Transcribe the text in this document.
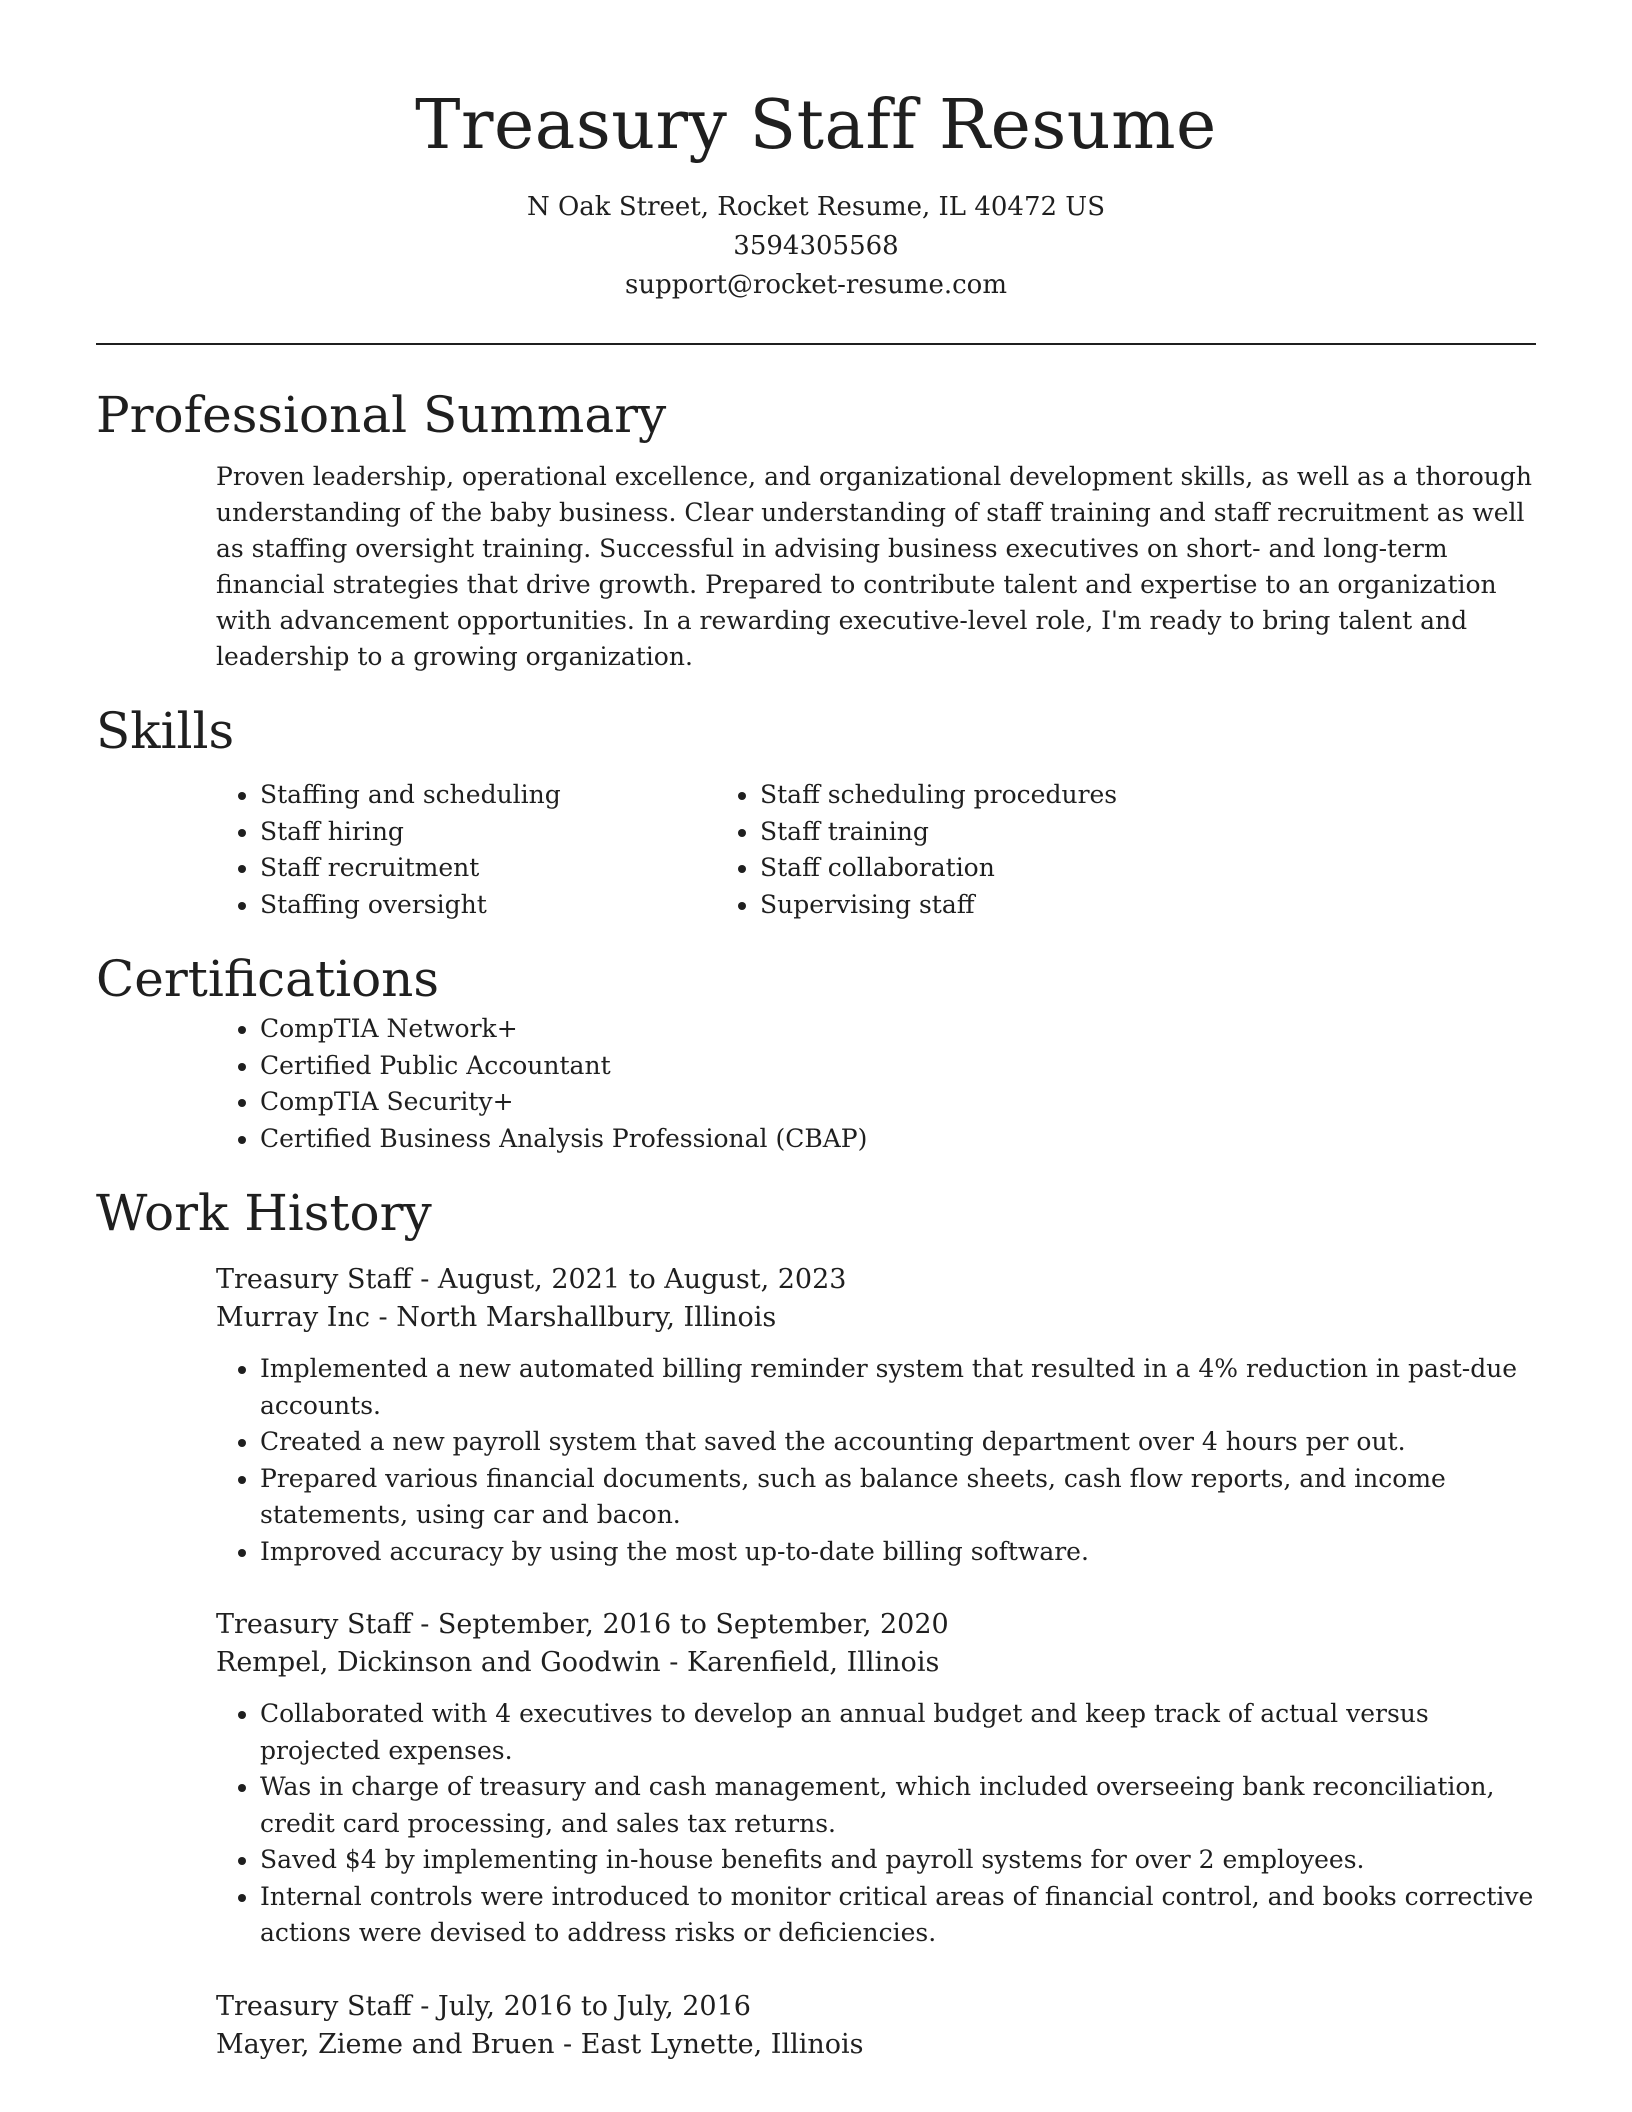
Treasury Staff Resume
N Oak Street, Rocket Resume, IL 40472 US
3594305568
support@rocket-resume.com
Professional Summary

Proven leadership, operational excellence, and organizational development skills, as well as a thorough understanding of the baby business. Clear understanding of staff training and staff recruitment as well as staffing oversight training. Successful in advising business executives on short- and long-term financial strategies that drive growth. Prepared to contribute talent and expertise to an organization with advancement opportunities. In a rewarding executive-level role, I'm ready to bring talent and leadership to a growing organization.

Skills
• Staffing and scheduling
• Staff hiring
• Staff recruitment
• Staffing oversight
• Staff scheduling procedures
• Staff training
• Staff collaboration
• Supervising staff
Certifications
• CompTIA Network+
• Certified Public Accountant
• CompTIA Security+
• Certified Business Analysis Professional (CBAP)
Work History
Treasury Staff - August, 2021 to August, 2023
Murray Inc - North Marshallbury, Illinois
• Implemented a new automated billing reminder system that resulted in a 4% reduction in past-due accounts.
• Created a new payroll system that saved the accounting department over 4 hours per out.
• Prepared various financial documents, such as balance sheets, cash flow reports, and income statements, using car and bacon.
• Improved accuracy by using the most up-to-date billing software.
Treasury Staff - September, 2016 to September, 2020
Rempel, Dickinson and Goodwin - Karenfield, Illinois
• Collaborated with 4 executives to develop an annual budget and keep track of actual versus projected expenses.
• Was in charge of treasury and cash management, which included overseeing bank reconciliation, credit card processing, and sales tax returns.
• Saved $4 by implementing in-house benefits and payroll systems for over 2 employees.
• Internal controls were introduced to monitor critical areas of financial control, and books corrective actions were devised to address risks or deficiencies.
Treasury Staff - July, 2016 to July, 2016
Mayer, Zieme and Bruen - East Lynette, Illinois
